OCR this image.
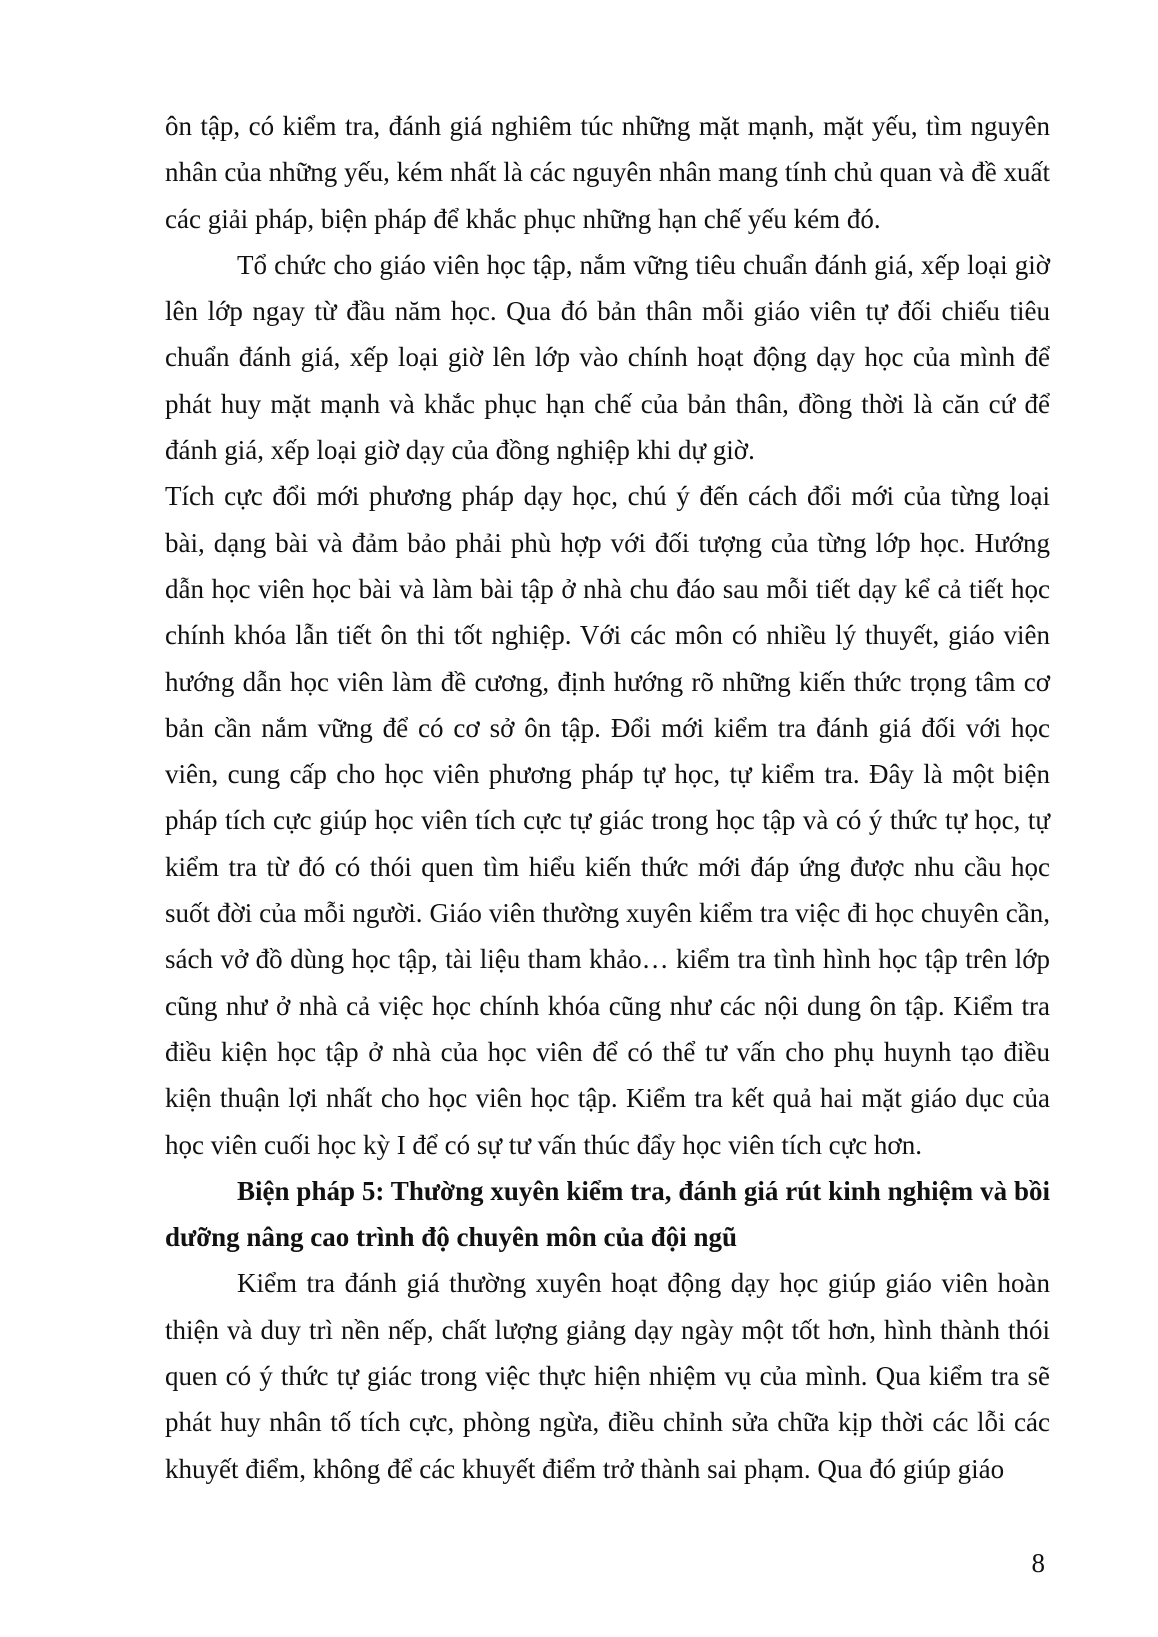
ôn tập, có kiểm tra, đánh giá nghiêm túc những mặt mạnh, mặt yếu, tìm nguyên nhân của những yếu, kém nhất là các nguyên nhân mang tính chủ quan và đề xuất các giải pháp, biện pháp để khắc phục những hạn chế yếu kém đó.

Tổ chức cho giáo viên học tập, nắm vững tiêu chuẩn đánh giá, xếp loại giờ lên lớp ngay từ đầu năm học. Qua đó bản thân mỗi giáo viên tự đối chiếu tiêu chuẩn đánh giá, xếp loại giờ lên lớp vào chính hoạt động dạy học của mình để phát huy mặt mạnh và khắc phục hạn chế của bản thân, đồng thời là căn cứ để đánh giá, xếp loại giờ dạy của đồng nghiệp khi dự giờ.

Tích cực đổi mới phương pháp dạy học, chú ý đến cách đổi mới của từng loại bài, dạng bài và đảm bảo phải phù hợp với đối tượng của từng lớp học. Hướng dẫn học viên học bài và làm bài tập ở nhà chu đáo sau mỗi tiết dạy kể cả tiết học chính khóa lẫn tiết ôn thi tốt nghiệp. Với các môn có nhiều lý thuyết, giáo viên hướng dẫn học viên làm đề cương, định hướng rõ những kiến thức trọng tâm cơ bản cần nắm vững để có cơ sở ôn tập. Đổi mới kiểm tra đánh giá đối với học viên, cung cấp cho học viên phương pháp tự học, tự kiểm tra. Đây là một biện pháp tích cực giúp học viên tích cực tự giác trong học tập và có ý thức tự học, tự kiểm tra từ đó có thói quen tìm hiểu kiến thức mới đáp ứng được nhu cầu học suốt đời của mỗi người. Giáo viên thường xuyên kiểm tra việc đi học chuyên cần, sách vở đồ dùng học tập, tài liệu tham khảo… kiểm tra tình hình học tập trên lớp cũng như ở nhà cả việc học chính khóa cũng như các nội dung ôn tập. Kiểm tra điều kiện học tập ở nhà của học viên để có thể tư vấn cho phụ huynh tạo điều kiện thuận lợi nhất cho học viên học tập. Kiểm tra kết quả hai mặt giáo dục của học viên cuối học kỳ I để có sự tư vấn thúc đẩy học viên tích cực hơn.

Biện pháp 5: Thường xuyên kiểm tra, đánh giá rút kinh nghiệm và bồi dưỡng nâng cao trình độ chuyên môn của đội ngũ

Kiểm tra đánh giá thường xuyên hoạt động dạy học giúp giáo viên hoàn thiện và duy trì nền nếp, chất lượng giảng dạy ngày một tốt hơn, hình thành thói quen có ý thức tự giác trong việc thực hiện nhiệm vụ của mình. Qua kiểm tra sẽ phát huy nhân tố tích cực, phòng ngừa, điều chỉnh sửa chữa kịp thời các lỗi các khuyết điểm, không để các khuyết điểm trở thành sai phạm. Qua đó giúp giáo

8
